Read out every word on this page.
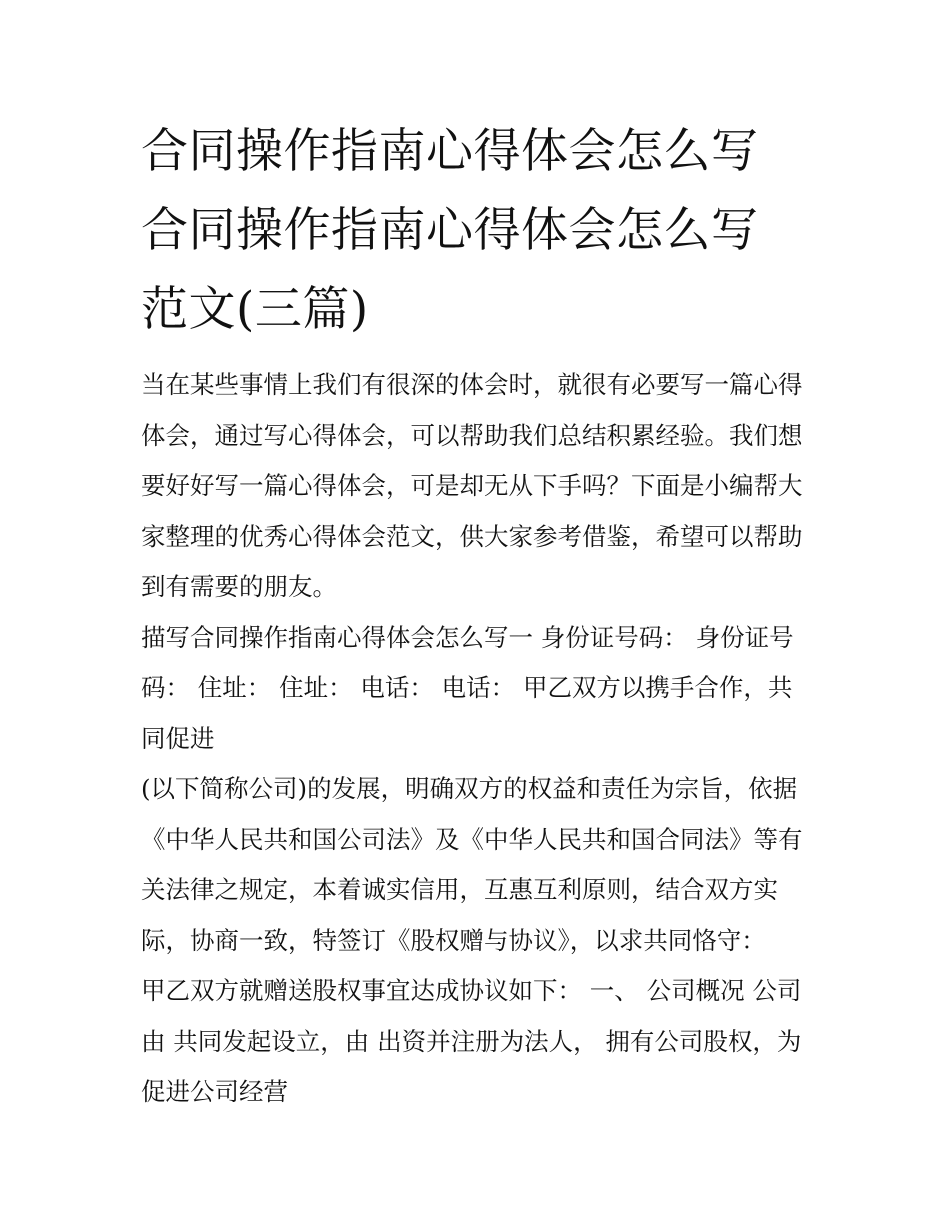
合同操作指南心得体会怎么写
合同操作指南心得体会怎么写
范文(三篇)
当在某些事情上我们有很深的体会时，就很有必要写一篇心得
体会，通过写心得体会，可以帮助我们总结积累经验。我们想
要好好写一篇心得体会，可是却无从下手吗？下面是小编帮大
家整理的优秀心得体会范文，供大家参考借鉴，希望可以帮助
到有需要的朋友。
描写合同操作指南心得体会怎么写一 身份证号码： 身份证号
码： 住址： 住址： 电话： 电话： 甲乙双方以携手合作，共
同促进
(以下简称公司)的发展，明确双方的权益和责任为宗旨，依据
《中华人民共和国公司法》及《中华人民共和国合同法》等有
关法律之规定，本着诚实信用，互惠互利原则，结合双方实
际，协商一致，特签订《股权赠与协议》，以求共同恪守：
甲乙双方就赠送股权事宜达成协议如下： 一、 公司概况 公司
由 共同发起设立，由 出资并注册为法人， 拥有公司股权，为
促进公司经营
